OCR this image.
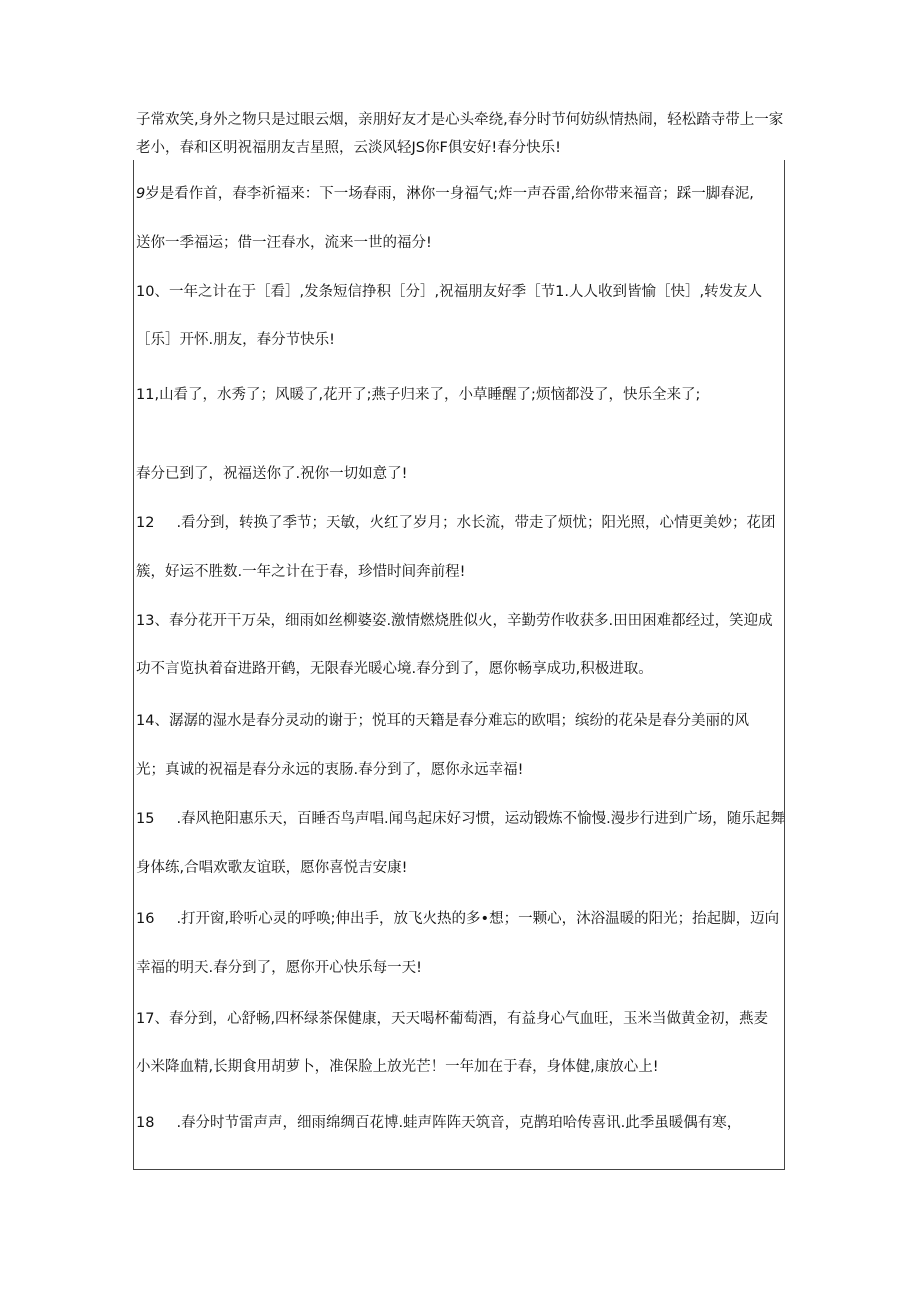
子常欢笑,身外之物只是过眼云烟，亲朋好友才是心头牵绕,春分时节何妨纵情热闹，轻松踏寺带上一家
老小，春和区明祝福朋友吉星照，云淡风轻JS你F俱安好!春分快乐!
9岁是看作首，春李祈福来：下一场春雨，淋你一身福气;炸一声吞雷,给你带来福音；踩一脚春泥,
送你一季福运；借一汪春水，流来一世的福分!
10、一年之计在于［看］,发条短信挣积［分］,祝福朋友好季［节1.人人收到皆愉［快］,转发友人
［乐］开怀.朋友，春分节快乐!
11,山看了，水秀了；风暖了,花开了;燕子归来了，小草睡醒了;烦恼都没了，快乐全来了;
春分已到了，祝福送你了.祝你一切如意了!
12 .看分到，转换了季节；天敏，火红了岁月；水长流，带走了烦忧；阳光照，心情更美妙；花团
簇，好运不胜数.一年之计在于春，珍惜时间奔前程!
13、春分花开干万朵，细雨如丝柳婆姿.激情燃烧胜似火，辛勤劳作收获多.田田困难都经过，笑迎成
功不言览执着奋进路开鹤，无限春光暖心境.春分到了，愿你畅享成功,积极进取。
14、潺潺的湿水是春分灵动的谢于；悦耳的天籍是春分难忘的欧唱；缤纷的花朵是春分美丽的风
光；真诚的祝福是春分永远的衷肠.春分到了，愿你永远幸福!
15 .春风艳阳惠乐天，百睡否鸟声唱.闻鸟起床好习惯，运动锻炼不愉慢.漫步行进到广场，随乐起舞
身体练,合唱欢歌友谊联，愿你喜悦吉安康!
16 .打开窗,聆听心灵的呼唤;伸出手，放飞火热的多•想；一颗心，沐浴温暖的阳光；抬起脚，迈向
幸福的明天.春分到了，愿你开心快乐每一天!
17、春分到，心舒畅,四杯绿茶保健康，天天喝杯葡萄酒，有益身心气血旺，玉米当做黄金初，燕麦
小米降血精,长期食用胡萝卜，准保脸上放光芒！一年加在于春，身体健,康放心上!
18 .春分时节雷声声，细雨绵绸百花博.蛙声阵阵天筑音，克鹊珀哈传喜讯.此季虽暖偶有寒，
